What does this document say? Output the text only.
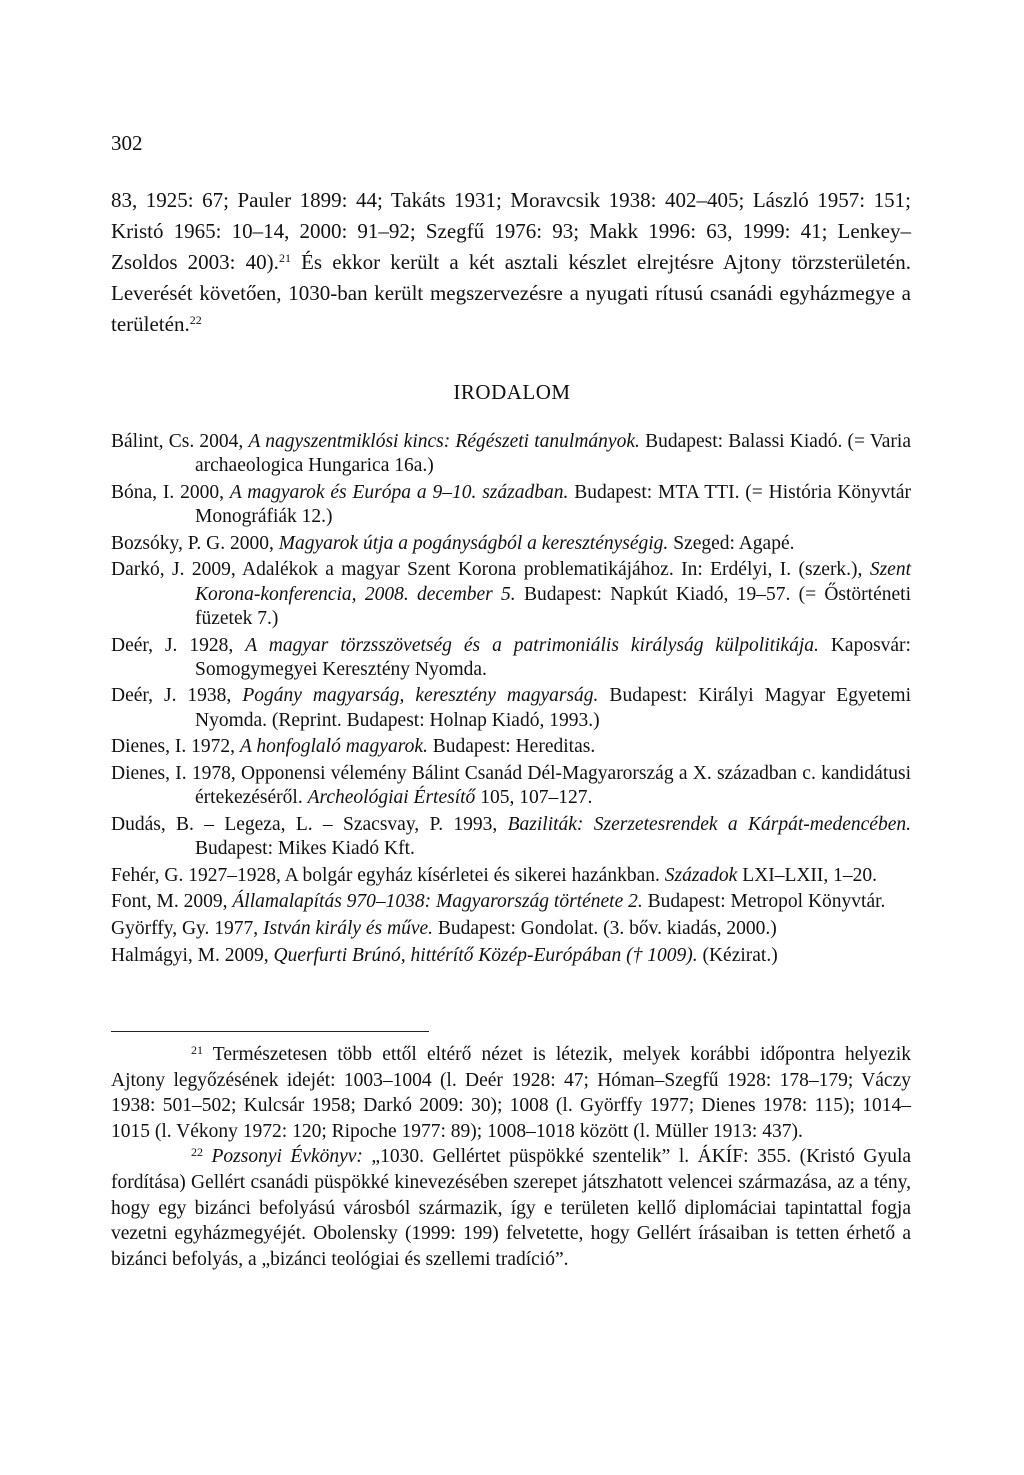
302
83, 1925: 67; Pauler 1899: 44; Takáts 1931; Moravcsik 1938: 402–405; László 1957: 151; Kristó 1965: 10–14, 2000: 91–92; Szegfű 1976: 93; Makk 1996: 63, 1999: 41; Lenkey–Zsoldos 2003: 40).$^{21}$ És ekkor került a két asztali készlet elrejtésre Ajtony törzsterületén. Leverését követően, 1030-ban került megszervezésre a nyugati rítusú csanádi egyházmegye a területén.$^{22}$
IRODALOM

Bálint, Cs. 2004, A nagyszentmiklósi kincs: Régészeti tanulmányok. Budapest: Balassi Kiadó. (= Varia archaeologica Hungarica 16a.)

Bóna, I. 2000, A magyarok és Európa a 9–10. században. Budapest: MTA TTI. (= História Könyvtár Monográfiák 12.)

Bozsóky, P. G. 2000, Magyarok útja a pogányságból a kereszténységig. Szeged: Agapé.

Darkó, J. 2009, Adalékok a magyar Szent Korona problematikájához. In: Erdélyi, I. (szerk.), Szent Korona-konferencia, 2008. december 5. Budapest: Napkút Kiadó, 19–57. (= Őstörténeti füzetek 7.)

Deér, J. 1928, A magyar törzsszövetség és a patrimoniális királyság külpolitikája. Kaposvár: Somogymegyei Keresztény Nyomda.

Deér, J. 1938, Pogány magyarság, keresztény magyarság. Budapest: Királyi Magyar Egyetemi Nyomda. (Reprint. Budapest: Holnap Kiadó, 1993.)

Dienes, I. 1972, A honfoglaló magyarok. Budapest: Hereditas.

Dienes, I. 1978, Opponensi vélemény Bálint Csanád Dél-Magyarország a X. században c. kandidátusi értekezéséről. Archeológiai Értesítő 105, 107–127.

Dudás, B. – Legeza, L. – Szacsvay, P. 1993, Baziliták: Szerzetesrendek a Kárpát-medencében. Budapest: Mikes Kiadó Kft.

Fehér, G. 1927–1928, A bolgár egyház kísérletei és sikerei hazánkban. Századok LXI–LXII, 1–20.

Font, M. 2009, Államalapítás 970–1038: Magyarország története 2. Budapest: Metropol Könyvtár.

Györffy, Gy. 1977, István király és műve. Budapest: Gondolat. (3. bőv. kiadás, 2000.)

Halmágyi, M. 2009, Querfurti Brúnó, hittérítő Közép-Európában († 1009). (Kézirat.)

$^{21}$ Természetesen több ettől eltérő nézet is létezik, melyek korábbi időpontra helyezik Ajtony legyőzésének idejét: 1003–1004 (l. Deér 1928: 47; Hóman–Szegfű 1928: 178–179; Váczy 1938: 501–502; Kulcsár 1958; Darkó 2009: 30); 1008 (l. Györffy 1977; Dienes 1978: 115); 1014–1015 (l. Vékony 1972: 120; Ripoche 1977: 89); 1008–1018 között (l. Müller 1913: 437).

$^{22}$ Pozsonyi Évkönyv: „1030. Gellértet püspökké szentelik” l. ÁKÍF: 355. (Kristó Gyula fordítása) Gellért csanádi püspökké kinevezésében szerepet játszhatott velencei származása, az a tény, hogy egy bizánci befolyású városból származik, így e területen kellő diplomáciai tapintattal fogja vezetni egyházmegyéjét. Obolensky (1999: 199) felvetette, hogy Gellért írásaiban is tetten érhető a bizánci befolyás, a „bizánci teológiai és szellemi tradíció”.
